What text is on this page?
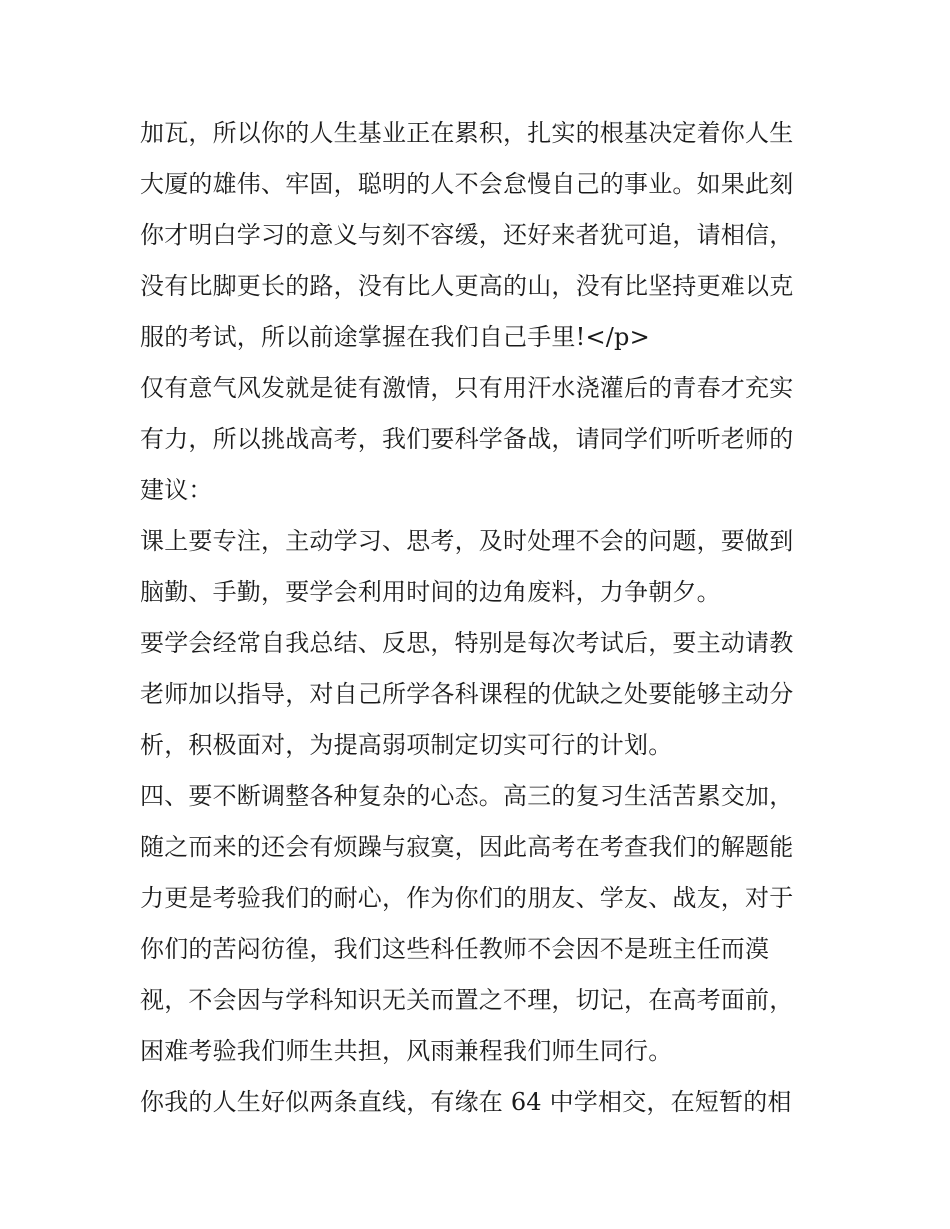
加瓦，所以你的人生基业正在累积，扎实的根基决定着你人生
大厦的雄伟、牢固，聪明的人不会怠慢自己的事业。如果此刻
你才明白学习的意义与刻不容缓，还好来者犹可追，请相信，
没有比脚更长的路，没有比人更高的山，没有比坚持更难以克
服的考试，所以前途掌握在我们自己手里!</p>
仅有意气风发就是徒有激情，只有用汗水浇灌后的青春才充实
有力，所以挑战高考，我们要科学备战，请同学们听听老师的
建议：
课上要专注，主动学习、思考，及时处理不会的问题，要做到
脑勤、手勤，要学会利用时间的边角废料，力争朝夕。
要学会经常自我总结、反思，特别是每次考试后，要主动请教
老师加以指导，对自己所学各科课程的优缺之处要能够主动分
析，积极面对，为提高弱项制定切实可行的计划。
四、要不断调整各种复杂的心态。高三的复习生活苦累交加，
随之而来的还会有烦躁与寂寞，因此高考在考查我们的解题能
力更是考验我们的耐心，作为你们的朋友、学友、战友，对于
你们的苦闷彷徨，我们这些科任教师不会因不是班主任而漠
视，不会因与学科知识无关而置之不理，切记，在高考面前，
困难考验我们师生共担，风雨兼程我们师生同行。
你我的人生好似两条直线，有缘在 64 中学相交，在短暂的相
